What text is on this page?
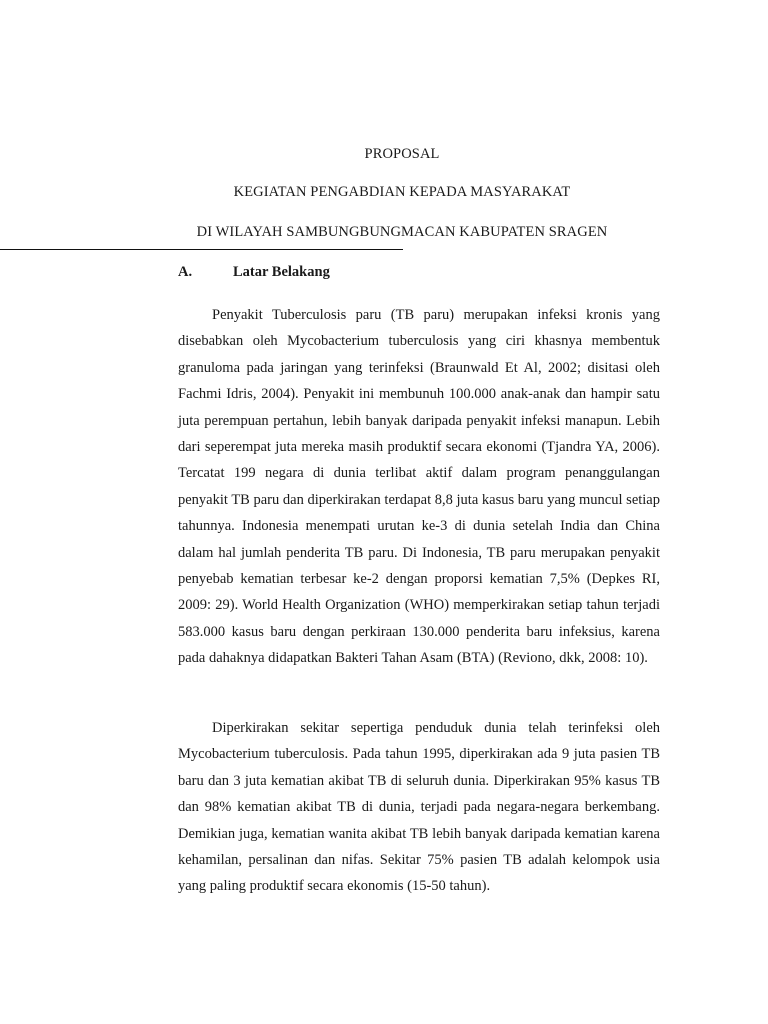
PROPOSAL
KEGIATAN PENGABDIAN KEPADA MASYARAKAT
DI WILAYAH SAMBUNGBUNGMACAN KABUPATEN SRAGEN
A.	Latar Belakang

Penyakit Tuberculosis paru (TB paru) merupakan infeksi kronis yang disebabkan oleh Mycobacterium tuberculosis yang ciri khasnya membentuk granuloma pada jaringan yang terinfeksi (Braunwald Et Al, 2002; disitasi oleh Fachmi Idris, 2004). Penyakit ini membunuh 100.000 anak-anak dan hampir satu juta perempuan pertahun, lebih banyak daripada penyakit infeksi manapun. Lebih dari seperempat juta mereka masih produktif secara ekonomi (Tjandra YA, 2006). Tercatat 199 negara di dunia terlibat aktif dalam program penanggulangan penyakit TB paru dan diperkirakan terdapat 8,8 juta kasus baru yang muncul setiap tahunnya. Indonesia menempati urutan ke-3 di dunia setelah India dan China dalam hal jumlah penderita TB paru. Di Indonesia, TB paru merupakan penyakit penyebab kematian terbesar ke-2 dengan proporsi kematian 7,5% (Depkes RI, 2009: 29). World Health Organization (WHO) memperkirakan setiap tahun terjadi 583.000 kasus baru dengan perkiraan 130.000 penderita baru infeksius, karena pada dahaknya didapatkan Bakteri Tahan Asam (BTA) (Reviono, dkk, 2008: 10).

Diperkirakan sekitar sepertiga penduduk dunia telah terinfeksi oleh Mycobacterium tuberculosis. Pada tahun 1995, diperkirakan ada 9 juta pasien TB baru dan 3 juta kematian akibat TB di seluruh dunia. Diperkirakan 95% kasus TB dan 98% kematian akibat TB di dunia, terjadi pada negara-negara berkembang. Demikian juga, kematian wanita akibat TB lebih banyak daripada kematian karena kehamilan, persalinan dan nifas. Sekitar 75% pasien TB adalah kelompok usia yang paling produktif secara ekonomis (15-50 tahun).
